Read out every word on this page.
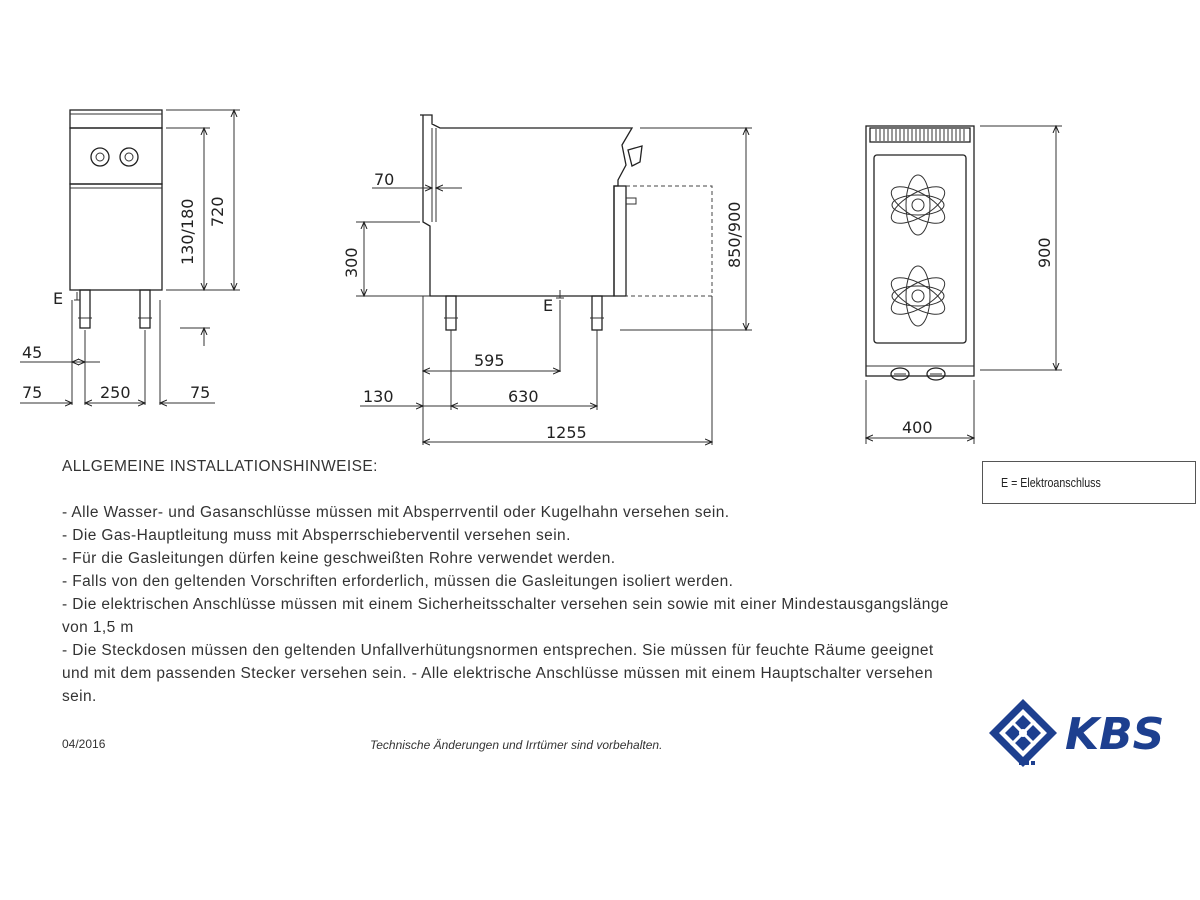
E
130/180 720
45
75	250	75
70
300
E
595
130	630
1255
850/900	900
400
ALLGEMEINE INSTALLATIONSHINWEISE:

- Alle Wasser- und Gasanschlüsse müssen mit Absperrventil oder Kugelhahn versehen sein.

- Die Gas-Hauptleitung muss mit Absperrschieberventil versehen sein.

- Für die Gasleitungen dürfen keine geschweißten Rohre verwendet werden.

- Falls von den geltenden Vorschriften erforderlich, müssen die Gasleitungen isoliert werden.

- Die elektrischen Anschlüsse müssen mit einem Sicherheitsschalter versehen sein sowie mit einer Mindestausgangslänge von 1,5 m

- Die Steckdosen müssen den geltenden Unfallverhütungsnormen entsprechen. Sie müssen für feuchte Räume geeignet und mit dem passenden Stecker versehen sein. - Alle elektrische Anschlüsse müssen mit einem Hauptschalter versehen sein.

E = Elektroanschluss
04/2016	Technische Änderungen und Irrtümer sind vorbehalten.	KBS
